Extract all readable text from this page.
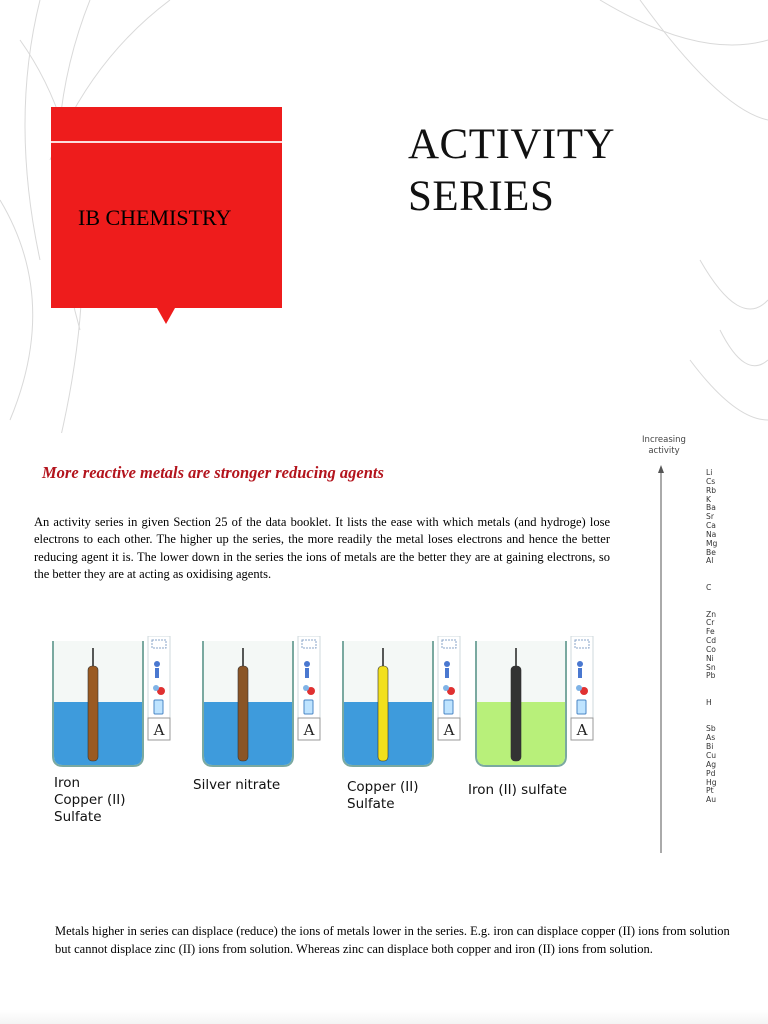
IB CHEMISTRY
ACTIVITY
SERIES
More reactive metals are stronger reducing agents

An activity series in given Section 25 of the data booklet. It lists the ease with which metals (and hydroge) lose electrons to each other. The higher up the series, the more readily the metal loses electrons and hence the better reducing agent it is. The lower down in the series the ions of metals are the better they are at gaining electrons, so the better they are at acting as oxidising agents.

A	A	A	A
Iron
Copper (II)
Sulfate
Silver nitrate	Copper (II)
Sulfate
Iron (II) sulfate
Increasing activity
Li
Cs
Rb
K
Ba
Sr
Ca
Na
Mg
Be
Al
C
Zn
Cr
Fe
Cd
Co
Ni
Sn
Pb
H
Sb
As
Bi
Cu
Ag
Pd
Hg
Pt
Au

Metals higher in series can displace (reduce) the ions of metals lower in the series. E.g. iron can displace copper (II) ions from solution but cannot displace zinc (II) ions from solution. Whereas zinc can displace both copper and iron (II) ions from solution.
